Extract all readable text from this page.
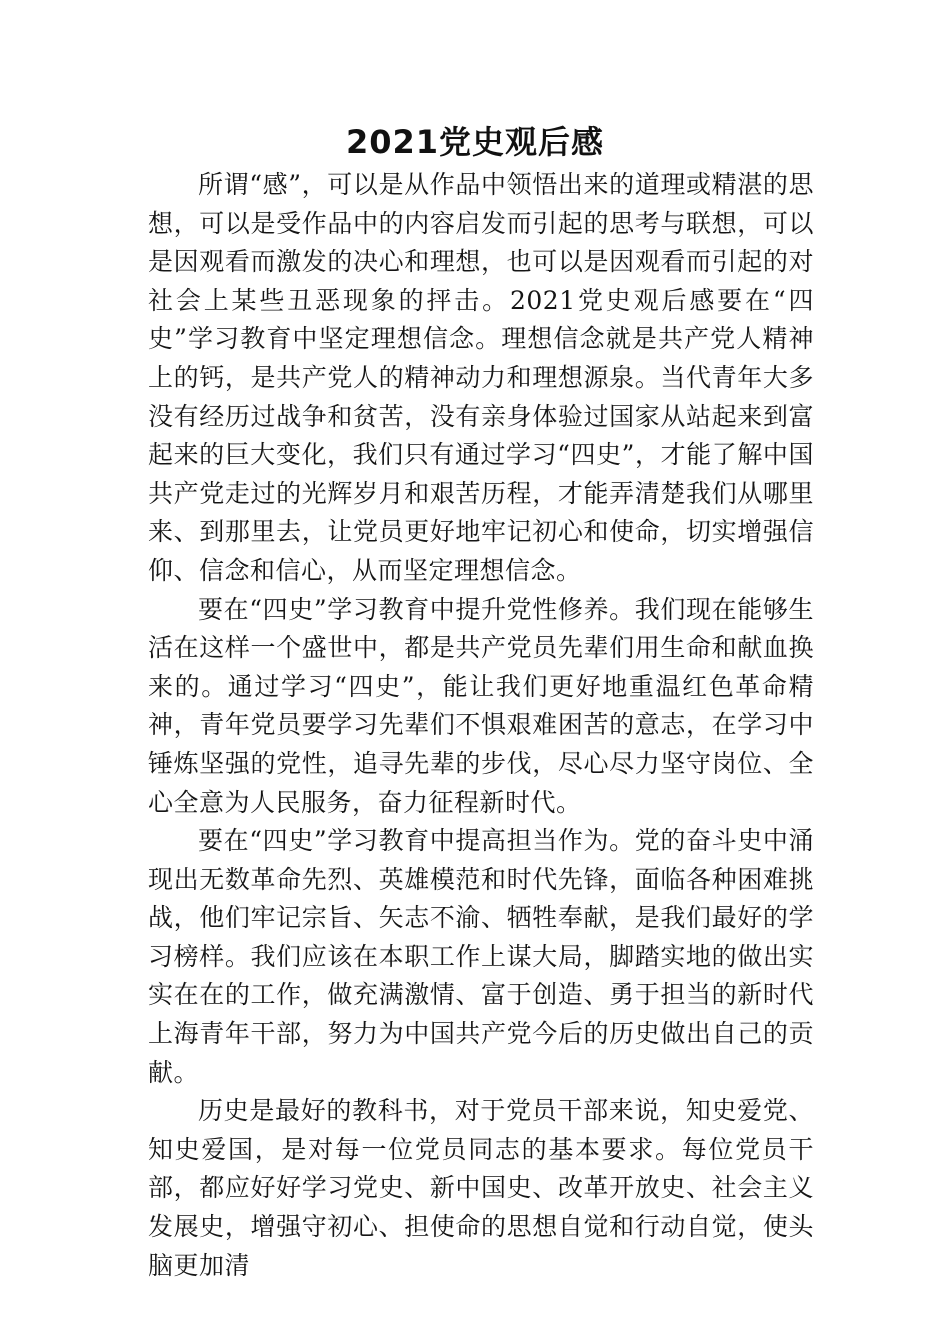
2021党史观后感

所谓“感”，可以是从作品中领悟出来的道理或精湛的思想，可以是受作品中的内容启发而引起的思考与联想，可以是因观看而激发的决心和理想，也可以是因观看而引起的对社会上某些丑恶现象的抨击。2021党史观后感要在“四史”学习教育中坚定理想信念。理想信念就是共产党人精神上的钙，是共产党人的精神动力和理想源泉。当代青年大多没有经历过战争和贫苦，没有亲身体验过国家从站起来到富起来的巨大变化，我们只有通过学习“四史”，才能了解中国共产党走过的光辉岁月和艰苦历程，才能弄清楚我们从哪里来、到那里去，让党员更好地牢记初心和使命，切实增强信仰、信念和信心，从而坚定理想信念。

要在“四史”学习教育中提升党性修养。我们现在能够生活在这样一个盛世中，都是共产党员先辈们用生命和献血换来的。通过学习“四史”，能让我们更好地重温红色革命精神，青年党员要学习先辈们不惧艰难困苦的意志，在学习中锤炼坚强的党性，追寻先辈的步伐，尽心尽力坚守岗位、全心全意为人民服务，奋力征程新时代。

要在“四史”学习教育中提高担当作为。党的奋斗史中涌现出无数革命先烈、英雄模范和时代先锋，面临各种困难挑战，他们牢记宗旨、矢志不渝、牺牲奉献，是我们最好的学习榜样。我们应该在本职工作上谋大局，脚踏实地的做出实实在在的工作，做充满激情、富于创造、勇于担当的新时代上海青年干部，努力为中国共产党今后的历史做出自己的贡献。

历史是最好的教科书，对于党员干部来说，知史爱党、知史爱国，是对每一位党员同志的基本要求。每位党员干部，都应好好学习党史、新中国史、改革开放史、社会主义发展史，增强守初心、担使命的思想自觉和行动自觉，使头脑更加清
